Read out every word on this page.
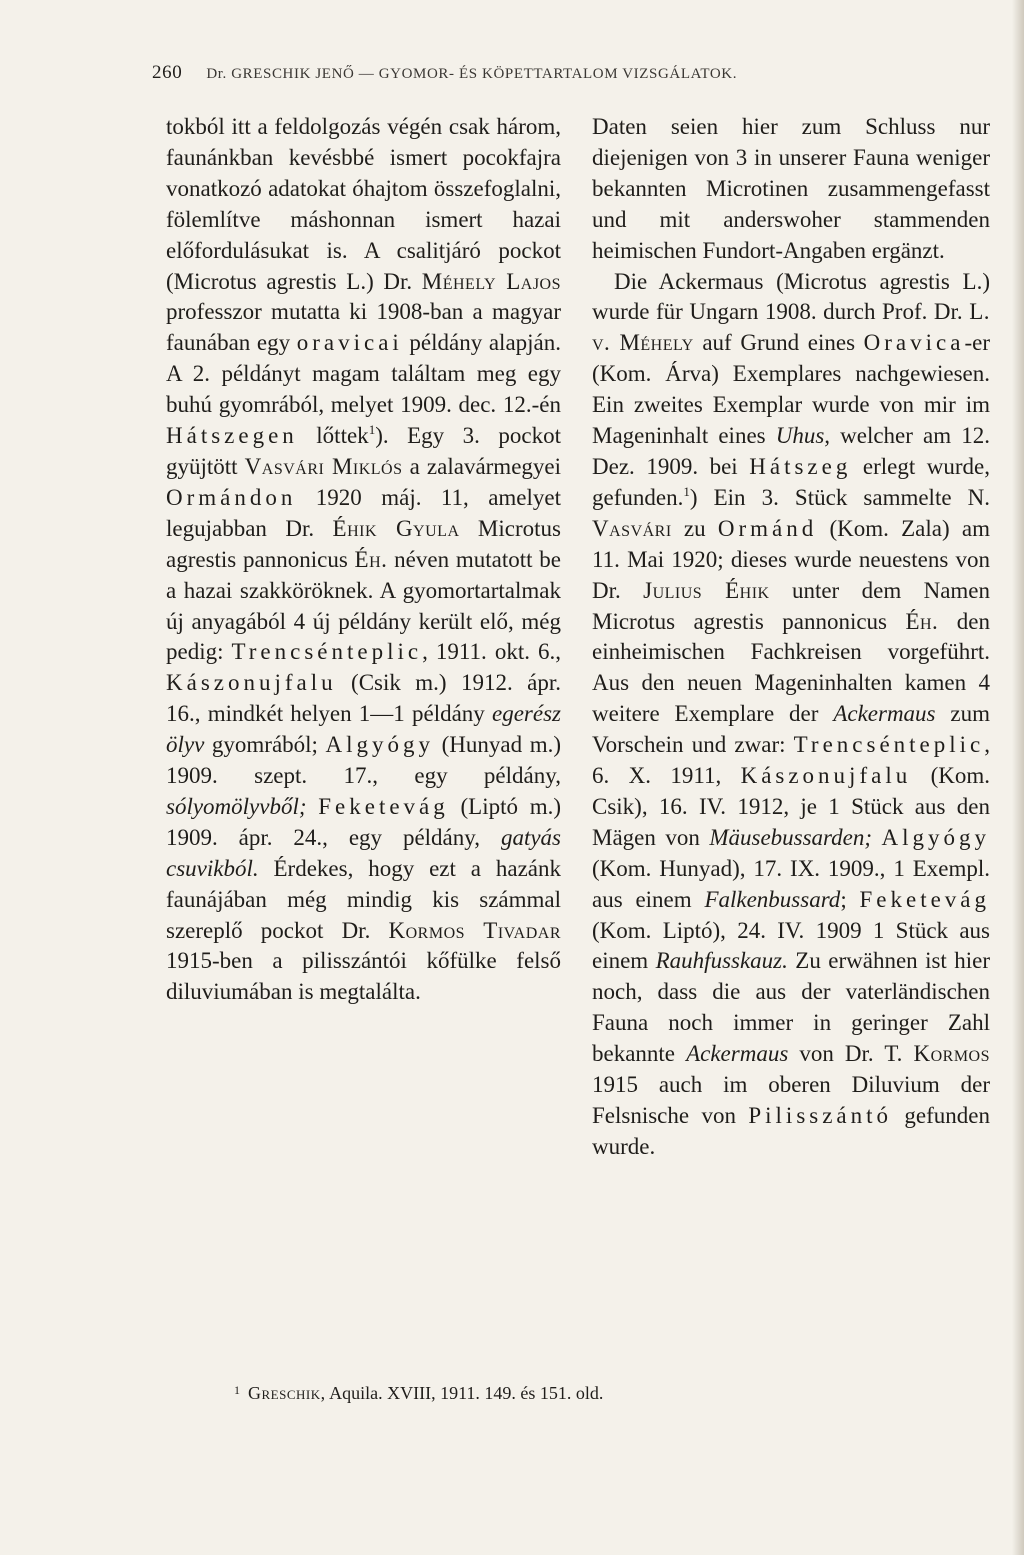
260 Dr. GRESCHIK JENŐ — GYOMOR- ÉS KÖPETTARTALOM VIZSGÁLATOK.

tokból itt a feldolgozás végén csak három, faunánkban kevésbbé ismert pocokfajra vonatkozó adatokat óhajtom összefoglalni, fölemlítve máshonnan ismert hazai előfordulásukat is. A csalitjáró pockot (Microtus agrestis L.) Dr. Méhely Lajos professzor mutatta ki 1908-ban a magyar faunában egy oravicai példány alapján. A 2. példányt magam találtam meg egy buhú gyomrából, melyet 1909. dec. 12.-én Hátszegen lőttek$^1$). Egy 3. pockot gyüjtött Vasvári Miklós a zalavármegyei Ormándon 1920 máj. 11, amelyet legujabban Dr. Éhik Gyula Microtus agrestis pannonicus Éh. néven mutatott be a hazai szakköröknek. A gyomortartalmak új anyagából 4 új példány került elő, még pedig: Trencsénteplic, 1911. okt. 6., Kászonujfalu (Csik m.) 1912. ápr. 16., mindkét helyen 1—1 példány egerész ölyv gyomrából; Algyógy (Hunyad m.) 1909. szept. 17., egy példány, sólyomölyvből; Feketevág (Liptó m.) 1909. ápr. 24., egy példány, gatyás csuvikból. Érdekes, hogy ezt a hazánk faunájában még mindig kis számmal szereplő pockot Dr. Kormos Tivadar 1915-ben a pilisszántói kőfülke felső diluviumában is megtalálta.

Daten seien hier zum Schluss nur diejenigen von 3 in unserer Fauna weniger bekannten Microtinen zusammengefasst und mit anderswoher stammenden heimischen Fundort-Angaben ergänzt.

Die Ackermaus (Microtus agrestis L.) wurde für Ungarn 1908. durch Prof. Dr. L. v. Méhely auf Grund eines Oravica-er (Kom. Árva) Exemplares nachgewiesen. Ein zweites Exemplar wurde von mir im Mageninhalt eines Uhus, welcher am 12. Dez. 1909. bei Hátszeg erlegt wurde, gefunden.$^1$) Ein 3. Stück sammelte N. Vasvári zu Ormánd (Kom. Zala) am 11. Mai 1920; dieses wurde neuestens von Dr. Julius Éhik unter dem Namen Microtus agrestis pannonicus Éh. den einheimischen Fachkreisen vorgeführt. Aus den neuen Mageninhalten kamen 4 weitere Exemplare der Ackermaus zum Vorschein und zwar: Trencsénteplic, 6. X. 1911, Kászonujfalu (Kom. Csik), 16. IV. 1912, je 1 Stück aus den Mägen von Mäusebussarden; Algyógy (Kom. Hunyad), 17. IX. 1909., 1 Exempl. aus einem Falkenbussard; Feketevág (Kom. Liptó), 24. IV. 1909 1 Stück aus einem Rauhfusskauz. Zu erwähnen ist hier noch, dass die aus der vaterländischen Fauna noch immer in geringer Zahl bekannte Ackermaus von Dr. T. Kormos 1915 auch im oberen Diluvium der Felsnische von Pilisszántó gefunden wurde.

$^1$ Greschik, Aquila. XVIII, 1911. 149. és 151. old.
